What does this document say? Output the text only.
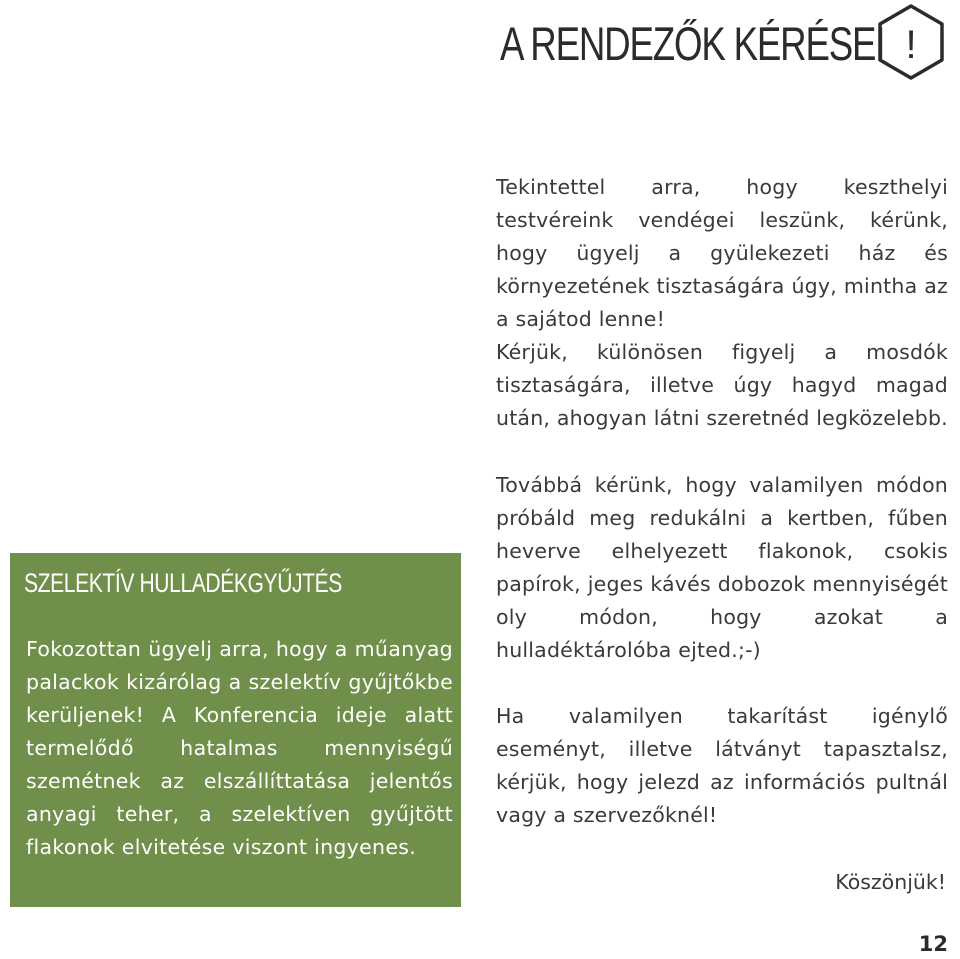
A RENDEZŐK KÉRÉSEI !

Tekintettel arra, hogy keszthelyi testvéreink vendégei leszünk, kérünk, hogy ügyelj a gyülekezeti ház és környezetének tisztaságára úgy, mintha az a sajátod lenne!

Kérjük, különösen figyelj a mosdók tisztaságára, illetve úgy hagyd magad után, ahogyan látni szeretnéd legközelebb.

Továbbá kérünk, hogy valamilyen módon próbáld meg redukálni a kertben, fűben heverve elhelyezett flakonok, csokis papírok, jeges kávés dobozok mennyiségét oly módon, hogy azokat a hulladéktárolóba ejted.;-)

Ha valamilyen takarítást igénylő eseményt, illetve látványt tapasztalsz, kérjük, hogy jelezd az információs pultnál vagy a szervezőknél!

Köszönjük!
SZELEKTÍV HULLADÉKGYŰJTÉS

Fokozottan ügyelj arra, hogy a műanyag palackok kizárólag a szelektív gyűjtőkbe kerüljenek! A Konferencia ideje alatt termelődő hatalmas mennyiségű szemétnek az elszállíttatása jelentős anyagi teher, a szelektíven gyűjtött flakonok elvitetése viszont ingyenes.

12
